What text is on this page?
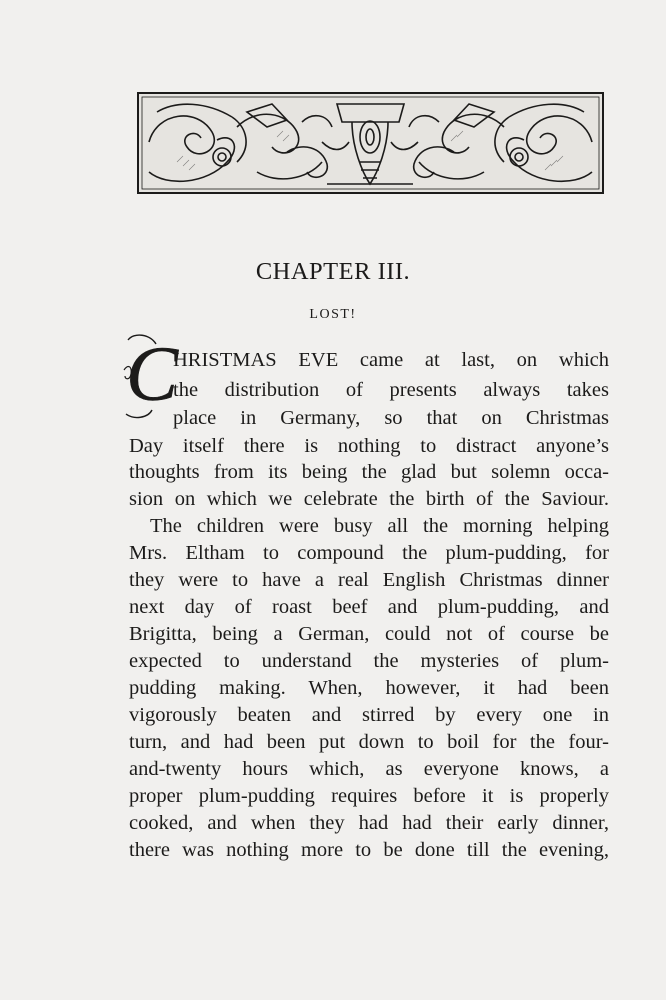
CHAPTER III.

LOST!

C

HRISTMAS EVE came at last, on which

the distribution of presents always takes

place in Germany, so that on Christmas

Day itself there is nothing to distract anyone’s

thoughts from its being the glad but solemn occa-

sion on which we celebrate the birth of the Saviour.

The children were busy all the morning helping

Mrs. Eltham to compound the plum-pudding, for

they were to have a real English Christmas dinner

next day of roast beef and plum-pudding, and

Brigitta, being a German, could not of course be

expected to understand the mysteries of plum-

pudding making. When, however, it had been

vigorously beaten and stirred by every one in

turn, and had been put down to boil for the four-

and-twenty hours which, as everyone knows, a

proper plum-pudding requires before it is properly

cooked, and when they had had their early dinner,

there was nothing more to be done till the evening,
